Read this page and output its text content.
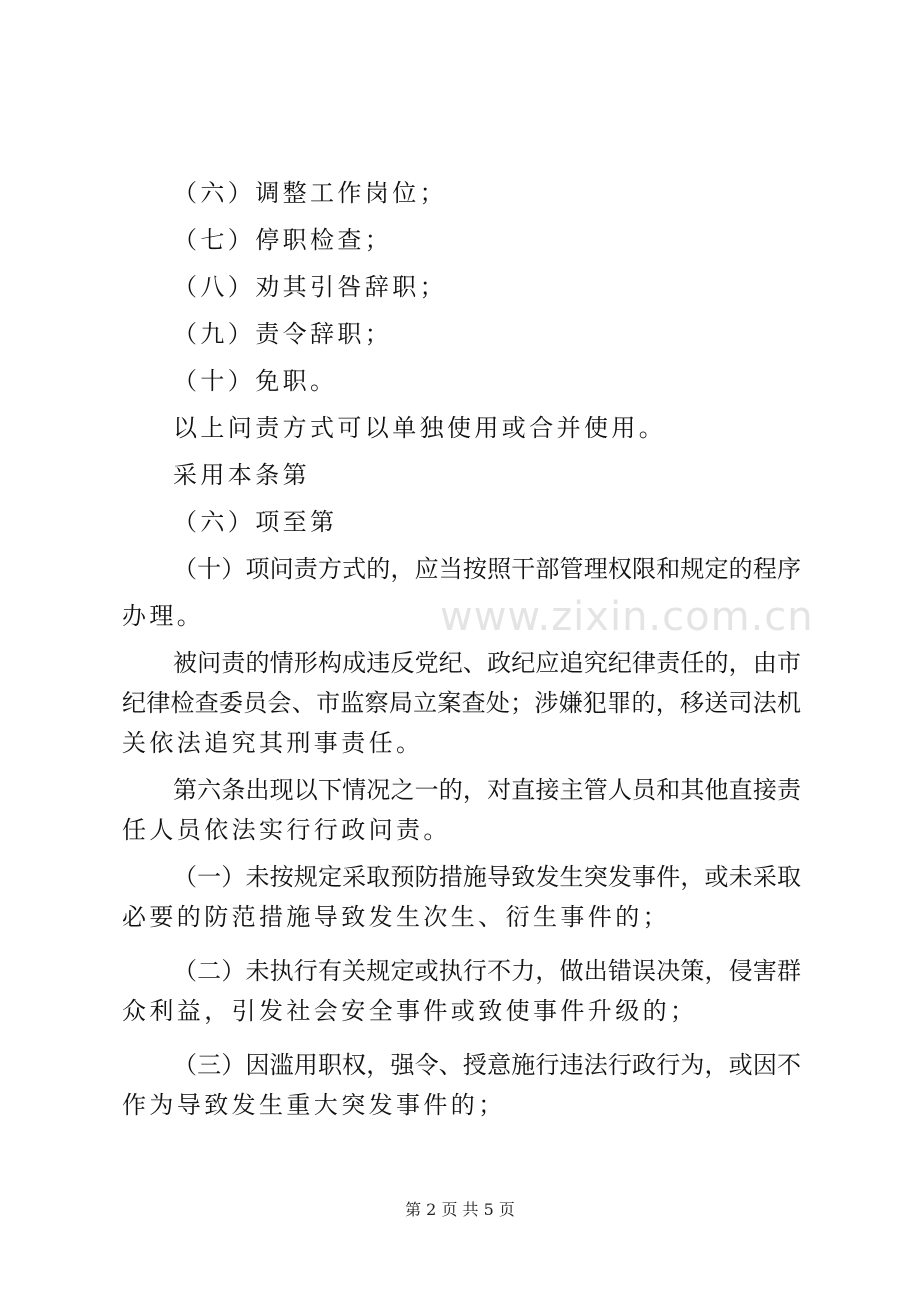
www.zixin.com.cn
（六）调整工作岗位；
（七）停职检查；
（八）劝其引咎辞职；
（九）责令辞职；
（十）免职。
以上问责方式可以单独使用或合并使用。
采用本条第
（六）项至第
（十）项问责方式的，应当按照干部管理权限和规定的程序
办理。
被问责的情形构成违反党纪、政纪应追究纪律责任的，由市
纪律检查委员会、市监察局立案查处；涉嫌犯罪的，移送司法机
关依法追究其刑事责任。
第六条出现以下情况之一的，对直接主管人员和其他直接责
任人员依法实行行政问责。
（一）未按规定采取预防措施导致发生突发事件，或未采取
必要的防范措施导致发生次生、衍生事件的；
（二）未执行有关规定或执行不力，做出错误决策，侵害群
众利益，引发社会安全事件或致使事件升级的；
（三）因滥用职权，强令、授意施行违法行政行为，或因不
作为导致发生重大突发事件的；
第 2 页 共 5 页
